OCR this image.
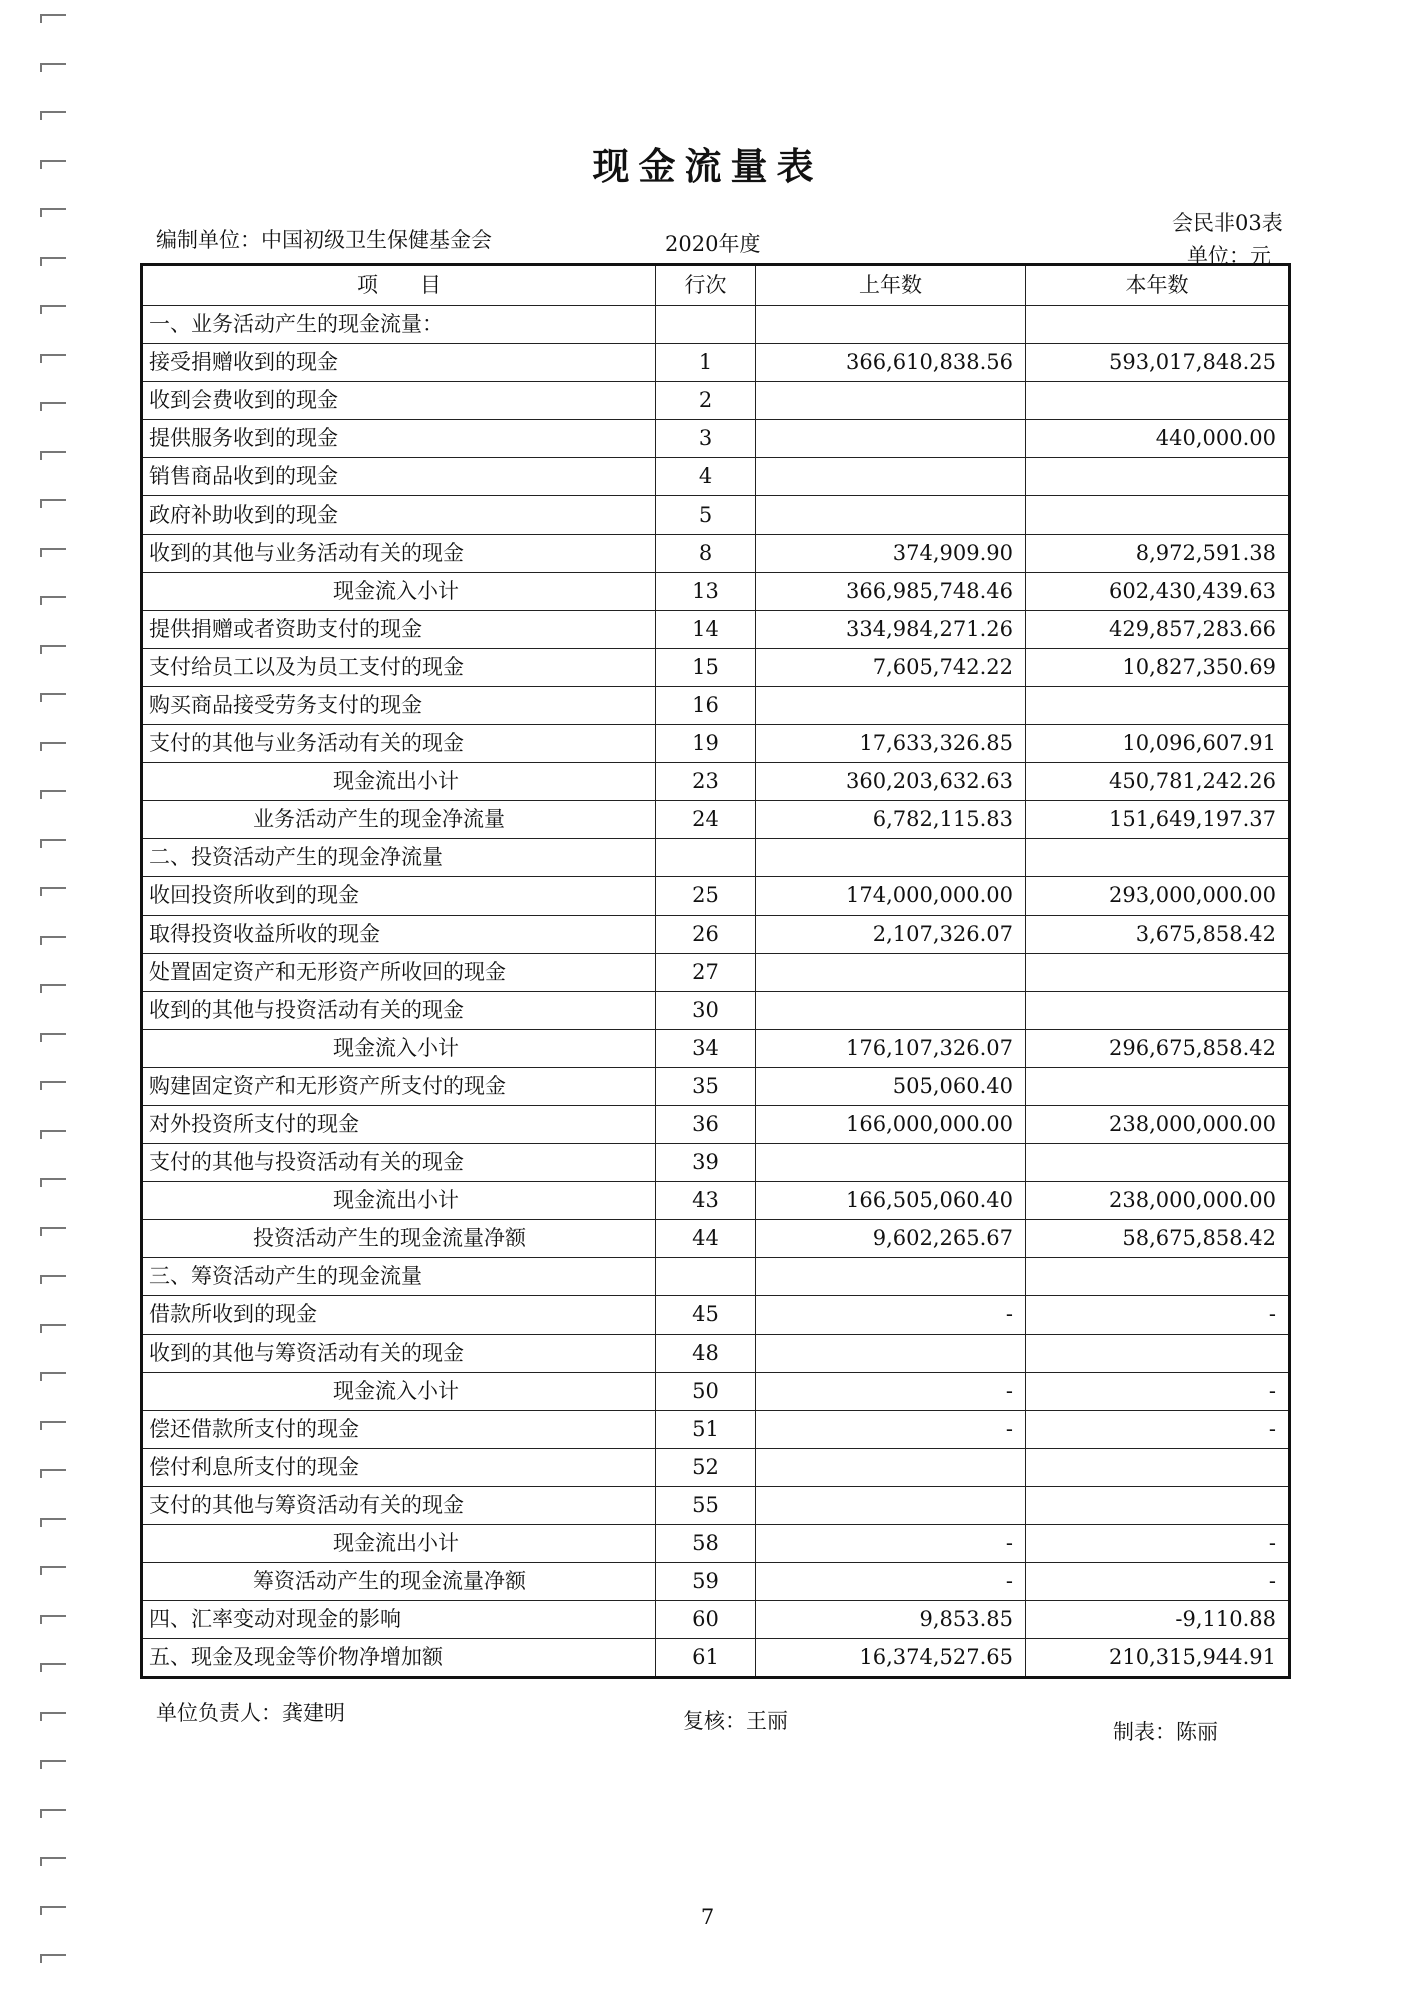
现金流量表
编制单位：中国初级卫生保健基金会	2020年度
会民非03表
单位：元
项　　目	行次	上年数	本年数
一、业务活动产生的现金流量：			
接受捐赠收到的现金	1	366,610,838.56	593,017,848.25
收到会费收到的现金	2		
提供服务收到的现金	3		440,000.00
销售商品收到的现金	4		
政府补助收到的现金	5		
收到的其他与业务活动有关的现金	8	374,909.90	8,972,591.38
现金流入小计	13	366,985,748.46	602,430,439.63
提供捐赠或者资助支付的现金	14	334,984,271.26	429,857,283.66
支付给员工以及为员工支付的现金	15	7,605,742.22	10,827,350.69
购买商品接受劳务支付的现金	16		
支付的其他与业务活动有关的现金	19	17,633,326.85	10,096,607.91
现金流出小计	23	360,203,632.63	450,781,242.26
业务活动产生的现金净流量	24	6,782,115.83	151,649,197.37
二、投资活动产生的现金净流量			
收回投资所收到的现金	25	174,000,000.00	293,000,000.00
取得投资收益所收的现金	26	2,107,326.07	3,675,858.42
处置固定资产和无形资产所收回的现金	27		
收到的其他与投资活动有关的现金	30		
现金流入小计	34	176,107,326.07	296,675,858.42
购建固定资产和无形资产所支付的现金	35	505,060.40	
对外投资所支付的现金	36	166,000,000.00	238,000,000.00
支付的其他与投资活动有关的现金	39		
现金流出小计	43	166,505,060.40	238,000,000.00
投资活动产生的现金流量净额	44	9,602,265.67	58,675,858.42
三、筹资活动产生的现金流量			
借款所收到的现金	45	-	-
收到的其他与筹资活动有关的现金	48		
现金流入小计	50	-	-
偿还借款所支付的现金	51	-	-
偿付利息所支付的现金	52		
支付的其他与筹资活动有关的现金	55		
现金流出小计	58	-	-
筹资活动产生的现金流量净额	59	-	-
四、汇率变动对现金的影响	60	9,853.85	-9,110.88
五、现金及现金等价物净增加额	61	16,374,527.65	210,315,944.91
单位负责人：龚建明	复核：王丽	制表：陈丽
7
